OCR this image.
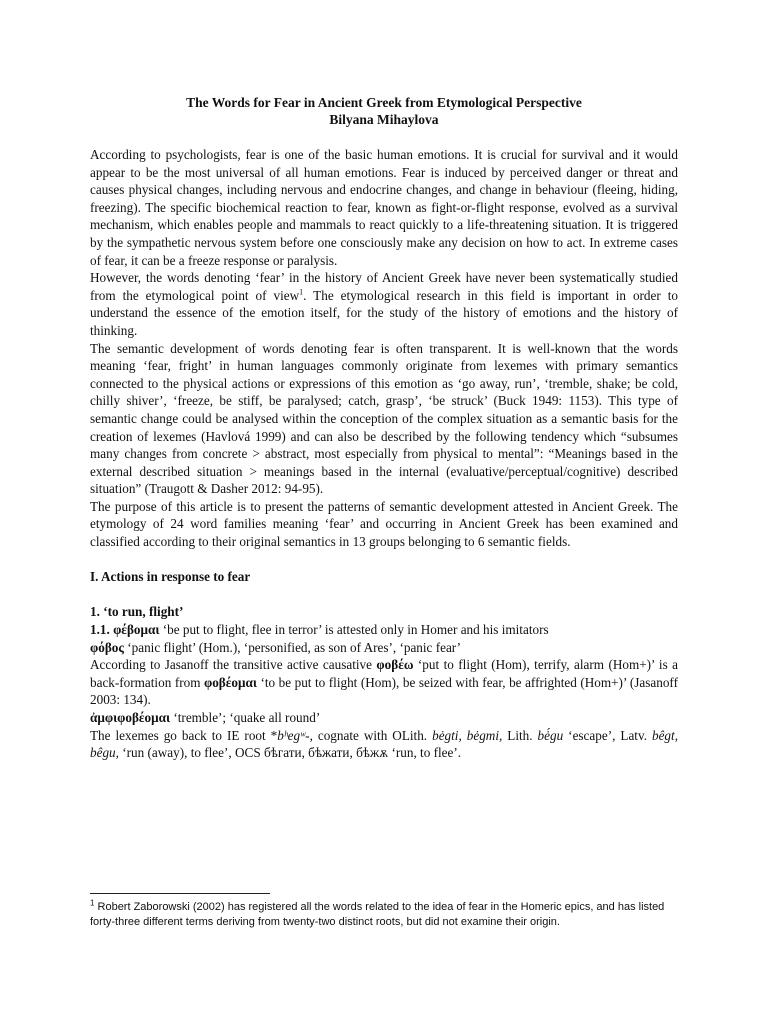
The Words for Fear in Ancient Greek from Etymological Perspective
Bilyana Mihaylova

According to psychologists, fear is one of the basic human emotions. It is crucial for survival and it would appear to be the most universal of all human emotions. Fear is induced by perceived danger or threat and causes physical changes, including nervous and endocrine changes, and change in behaviour (fleeing, hiding, freezing). The specific biochemical reaction to fear, known as fight-or-flight response, evolved as a survival mechanism, which enables people and mammals to react quickly to a life-threatening situation. It is triggered by the sympathetic nervous system before one consciously make any decision on how to act. In extreme cases of fear, it can be a freeze response or paralysis.

However, the words denoting ‘fear’ in the history of Ancient Greek have never been systematically studied from the etymological point of view$^1$. The etymological research in this field is important in order to understand the essence of the emotion itself, for the study of the history of emotions and the history of thinking.

The semantic development of words denoting fear is often transparent. It is well-known that the words meaning ‘fear, fright’ in human languages commonly originate from lexemes with primary semantics connected to the physical actions or expressions of this emotion as ‘go away, run’, ‘tremble, shake; be cold, chilly shiver’, ‘freeze, be stiff, be paralysed; catch, grasp’, ‘be struck’ (Buck 1949: 1153). This type of semantic change could be analysed within the conception of the complex situation as a semantic basis for the creation of lexemes (Havlová 1999) and can also be described by the following tendency which “subsumes many changes from concrete > abstract, most especially from physical to mental”: “Meanings based in the external described situation > meanings based in the internal (evaluative/perceptual/cognitive) described situation” (Traugott & Dasher 2012: 94-95).

The purpose of this article is to present the patterns of semantic development attested in Ancient Greek. The etymology of 24 word families meaning ‘fear’ and occurring in Ancient Greek has been examined and classified according to their original semantics in 13 groups belonging to 6 semantic fields.

I. Actions in response to fear

1. ‘to run, flight’

1.1. φέβομαι ‘be put to flight, flee in terror’ is attested only in Homer and his imitators

φόβος ‘panic flight’ (Hom.), ‘personified, as son of Ares’, ‘panic fear’

According to Jasanoff the transitive active causative φοβέω ‘put to flight (Hom), terrify, alarm (Hom+)’ is a back-formation from φοβέομαι ‘to be put to flight (Hom), be seized with fear, be affrighted (Hom+)’ (Jasanoff 2003: 134).

ἀμφιφοβέομαι ‘tremble’; ‘quake all round’

The lexemes go back to IE root *bʰegʷ-, cognate with OLith. bėgti, bėgmi, Lith. bė́gu ‘escape’, Latv. bêgt, bêgu, ‘run (away), to flee’, OCS бѣгати, бѣжати, бѣжѫ ‘run, to flee’.

$^1$ Robert Zaborowski (2002) has registered all the words related to the idea of fear in the Homeric epics, and has listed forty-three different terms deriving from twenty-two distinct roots, but did not examine their origin.
